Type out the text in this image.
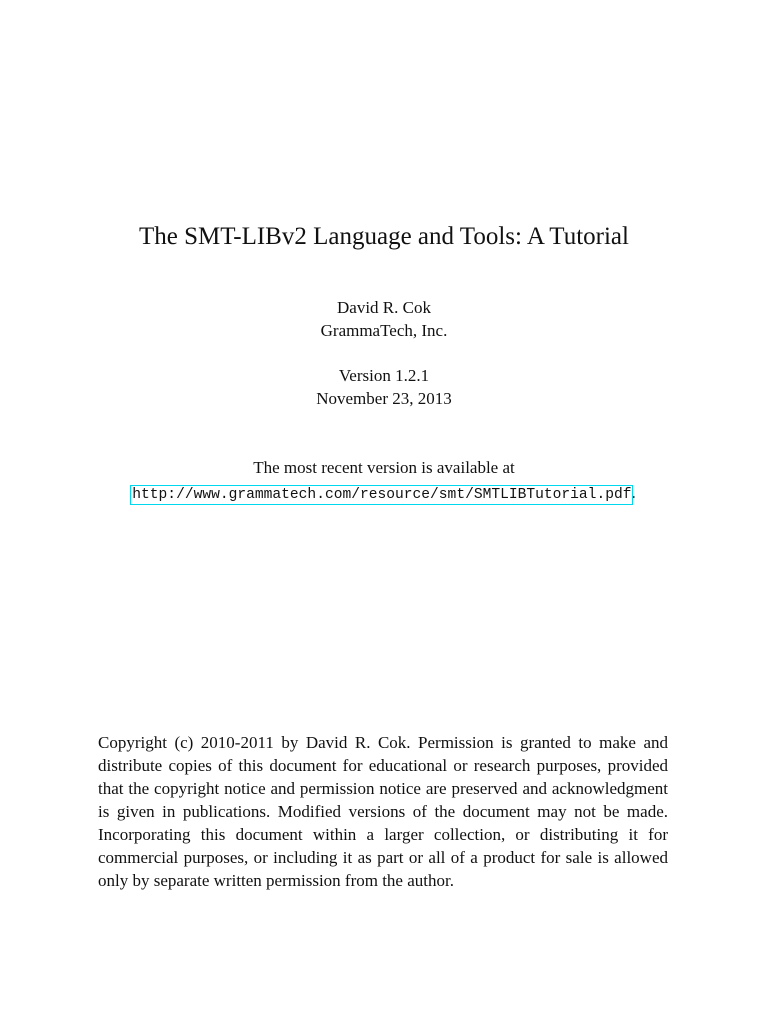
The SMT-LIBv2 Language and Tools: A Tutorial
David R. Cok
GrammaTech, Inc.
Version 1.2.1
November 23, 2013
The most recent version is available at
http://www.grammatech.com/resource/smt/SMTLIBTutorial.pdf.

Copyright (c) 2010-2011 by David R. Cok. Permission is granted to make and distribute copies of this document for educational or research purposes, provided that the copyright notice and permission notice are preserved and acknowledgment is given in publications. Modified versions of the document may not be made. Incorporating this document within a larger collection, or distributing it for commercial purposes, or including it as part or all of a product for sale is allowed only by separate written permission from the author.
